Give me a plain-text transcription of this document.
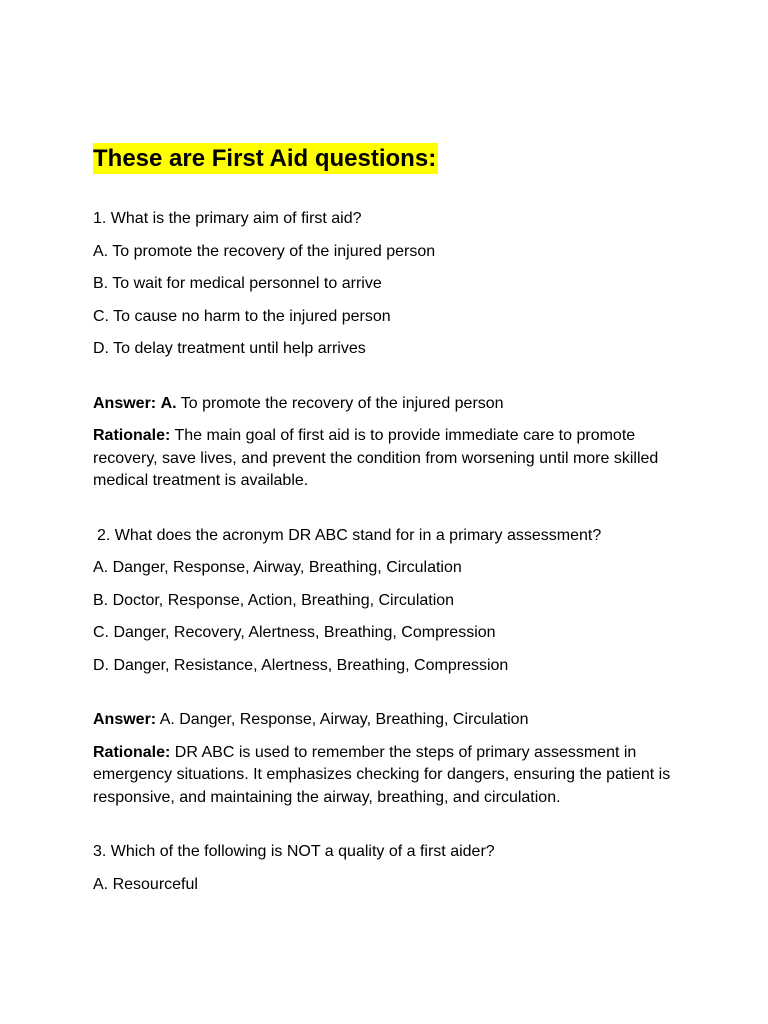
These are First Aid questions:
1. What is the primary aim of first aid?
A. To promote the recovery of the injured person
B. To wait for medical personnel to arrive
C. To cause no harm to the injured person
D. To delay treatment until help arrives
Answer: A. To promote the recovery of the injured person
Rationale: The main goal of first aid is to provide immediate care to promote recovery, save lives, and prevent the condition from worsening until more skilled medical treatment is available.
2. What does the acronym DR ABC stand for in a primary assessment?
A. Danger, Response, Airway, Breathing, Circulation
B. Doctor, Response, Action, Breathing, Circulation
C. Danger, Recovery, Alertness, Breathing, Compression
D. Danger, Resistance, Alertness, Breathing, Compression
Answer: A. Danger, Response, Airway, Breathing, Circulation
Rationale: DR ABC is used to remember the steps of primary assessment in emergency situations. It emphasizes checking for dangers, ensuring the patient is responsive, and maintaining the airway, breathing, and circulation.
3. Which of the following is NOT a quality of a first aider?
A. Resourceful
